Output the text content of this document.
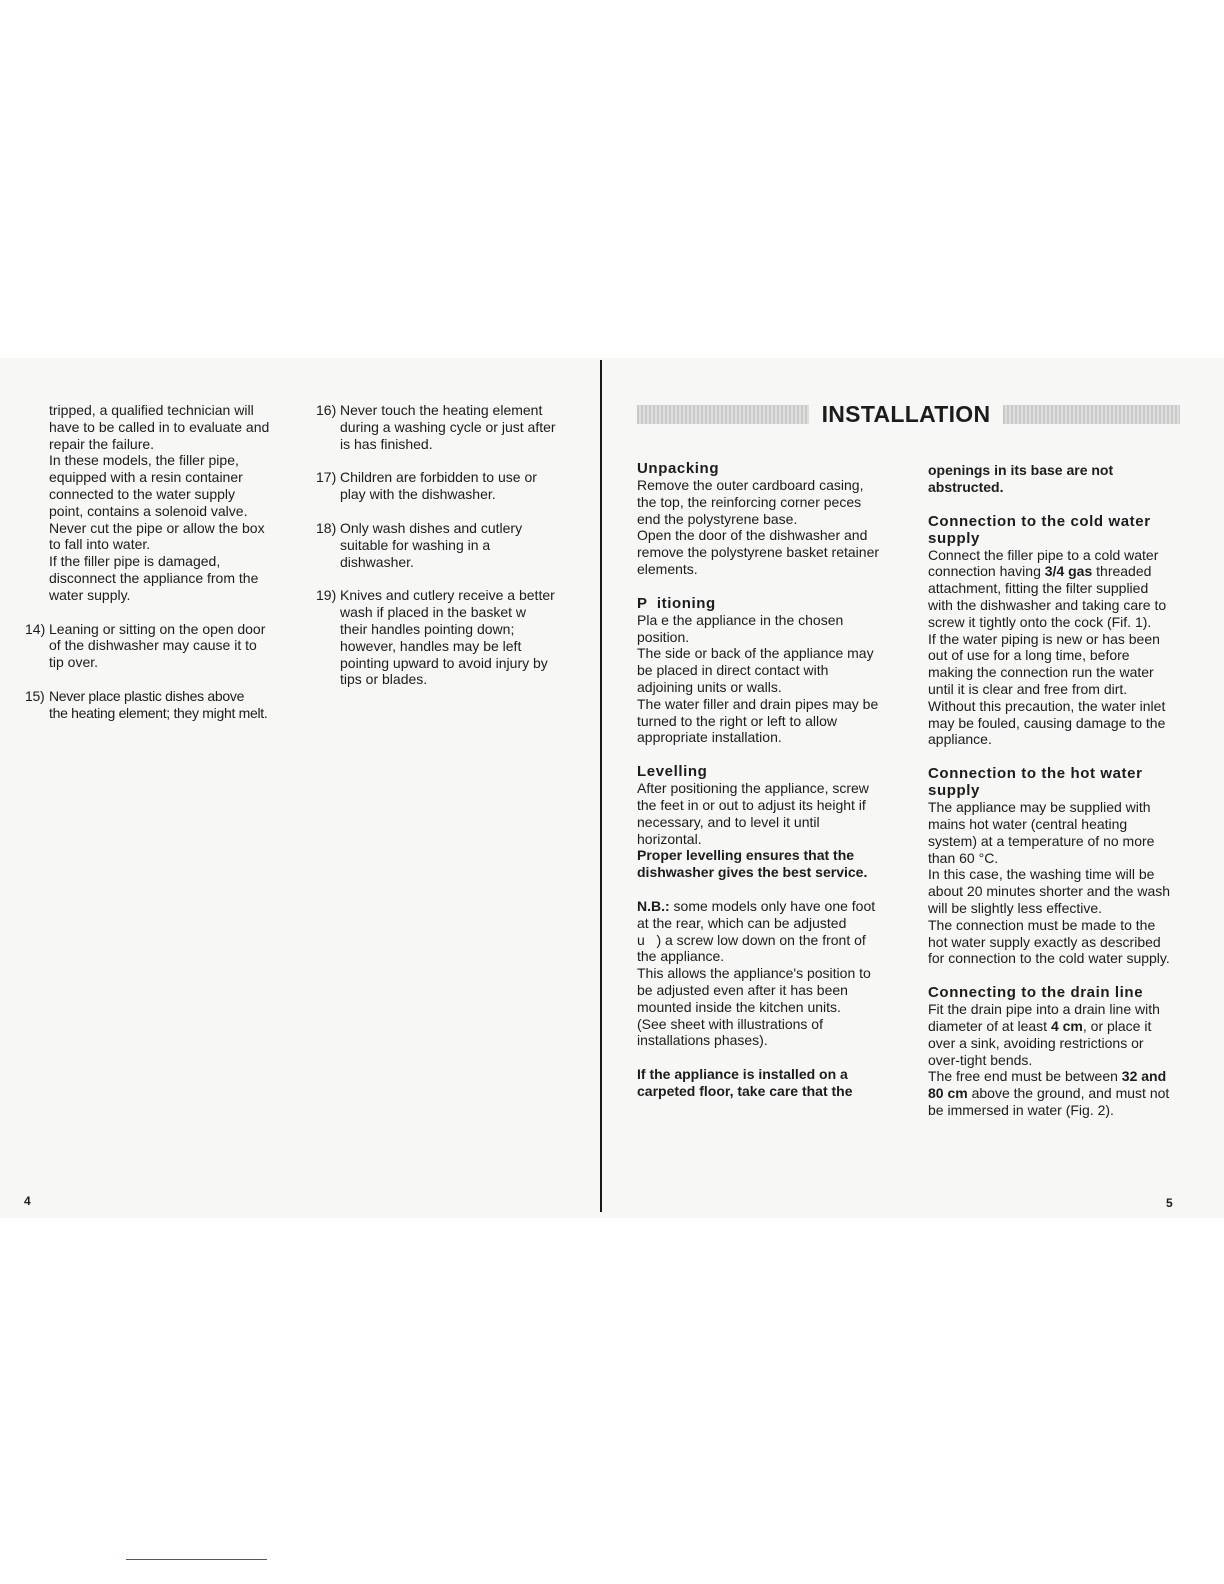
tripped, a qualified technician will

have to be called in to evaluate and

repair the failure.

In these models, the filler pipe,

equipped with a resin container

connected to the water supply

point, contains a solenoid valve.

Never cut the pipe or allow the box

to fall into water.

If the filler pipe is damaged,

disconnect the appliance from the

water supply.

14) Leaning or sitting on the open door

of the dishwasher may cause it to

tip over.

15) Never place plastic dishes above

the heating element; they might melt.

16) Never touch the heating element

during a washing cycle or just after

is has finished.

17) Children are forbidden to use or

play with the dishwasher.

18) Only wash dishes and cutlery

suitable for washing in a

dishwasher.

19) Knives and cutlery receive a better

wash if placed in the basket w

their handles pointing down;

however, handles may be left

pointing upward to avoid injury by

tips or blades.

4
INSTALLATION
Unpacking

Remove the outer cardboard casing,

the top, the reinforcing corner peces

end the polystyrene base.

Open the door of the dishwasher and

remove the polystyrene basket retainer

elements.

P  itioning

Pla e the appliance in the chosen

position.

The side or back of the appliance may

be placed in direct contact with

adjoining units or walls.

The water filler and drain pipes may be

turned to the right or left to allow

appropriate installation.

Levelling

After positioning the appliance, screw

the feet in or out to adjust its height if

necessary, and to level it until

horizontal.

Proper levelling ensures that the

dishwasher gives the best service.

N.B.: some models only have one foot

at the rear, which can be adjusted

u   ) a screw low down on the front of

the appliance.

This allows the appliance's position to

be adjusted even after it has been

mounted inside the kitchen units.

(See sheet with illustrations of

installations phases).

If the appliance is installed on a

carpeted floor, take care that the

openings in its base are not

abstructed.

Connection to the cold water
supply

Connect the filler pipe to a cold water

connection having 3/4 gas threaded

attachment, fitting the filter supplied

with the dishwasher and taking care to

screw it tightly onto the cock (Fif. 1).

If the water piping is new or has been

out of use for a long time, before

making the connection run the water

until it is clear and free from dirt.

Without this precaution, the water inlet

may be fouled, causing damage to the

appliance.

Connection to the hot water
supply

The appliance may be supplied with

mains hot water (central heating

system) at a temperature of no more

than 60 °C.

In this case, the washing time will be

about 20 minutes shorter and the wash

will be slightly less effective.

The connection must be made to the

hot water supply exactly as described

for connection to the cold water supply.

Connecting to the drain line

Fit the drain pipe into a drain line with

diameter of at least 4 cm, or place it

over a sink, avoiding restrictions or

over-tight bends.

The free end must be between 32 and

80 cm above the ground, and must not

be immersed in water (Fig. 2).

5
